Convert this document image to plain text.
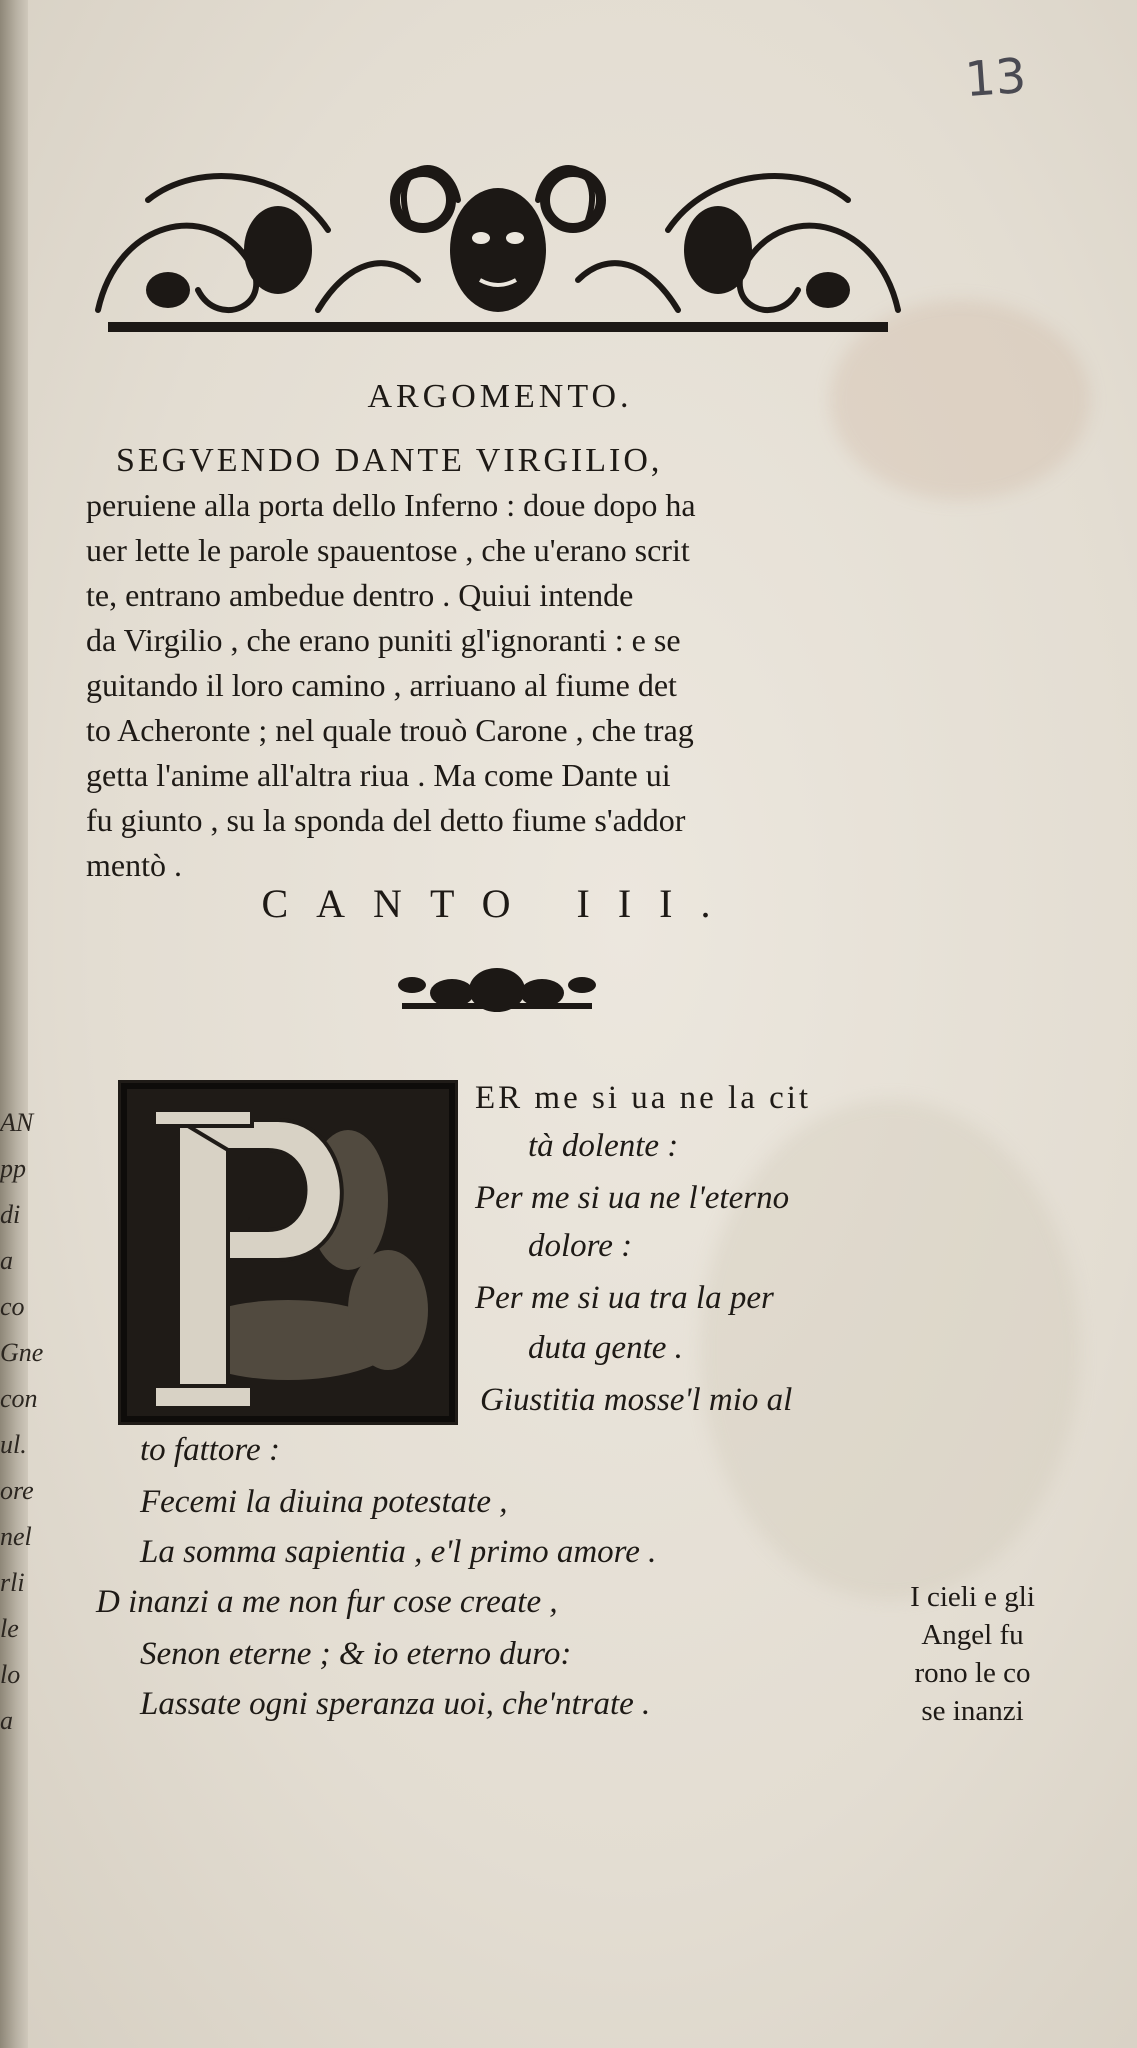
AN
pp
di
a co
Gne
con
ul.
ore
nel
rli
le
lo
a
13
ARGOMENTO.
SEGVENDO DANTE VIRGILIO,
peruiene alla porta dello Inferno : doue dopo ha
uer lette le parole spauentose , che u'erano scrit
te, entrano ambedue dentro . Quiui intende
da Virgilio , che erano puniti gl'ignoranti : e se
guitando il loro camino , arriuano al fiume det
to Acheronte ; nel quale trouò Carone , che trag
getta l'anime all'altra riua . Ma come Dante ui
fu giunto , su la sponda del detto fiume s'addor
mentò .
CANTO III.
P
ER me si ua ne la cit
tà dolente :
Per me si ua ne l'eterno
dolore :
Per me si ua tra la per
duta gente .
Giustitia mosse'l mio al
to fattore :
Fecemi la diuina potestate ,
La somma sapientia , e'l primo amore .
D inanzi a me non fur cose create ,
Senon eterne ; & io eterno duro:
Lassate ogni speranza uoi, che'ntrate .
I cieli e gli
Angel fu
rono le co
se inanzi
